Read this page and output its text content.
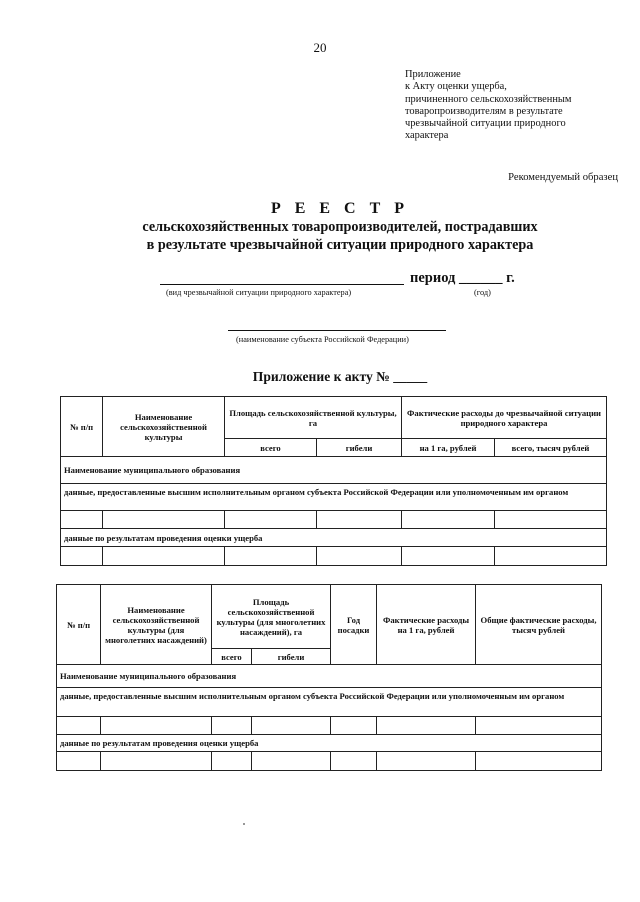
20
Приложение
к Акту оценки ущерба,
причиненного сельскохозяйственным
товаропроизводителям в результате
чрезвычайной ситуации природного
характера
Рекомендуемый образец
Р Е Е С Т Р
сельскохозяйственных товаропроизводителей, пострадавших
в результате чрезвычайной ситуации природного характера
период ______ г.
(вид чрезвычайной ситуации природного характера)	(год)
(наименование субъекта Российской Федерации)
Приложение к акту № _____
№ п/п	Наименование сельскохозяйственной культуры	Площадь сельскохозяйственной культуры, га		Фактические расходы до чрезвычайной ситуации природного характера	
		всего	гибели	на 1 га, рублей	всего, тысяч рублей
Наименование муниципального образования					
данные, предоставленные высшим исполнительным органом субъекта Российской Федерации или уполномоченным им органом					

данные по результатам проведения оценки ущерба					

№ п/п	Наименование сельскохозяйственной культуры (для многолетних насаждений)	Площадь сельскохозяйственной культуры (для многолетних насаждений), га		Год посадки	Фактические расходы на 1 га, рублей	Общие фактические расходы, тысяч рублей
		всего	гибели			
Наименование муниципального образования						
данные, предоставленные высшим исполнительным органом субъекта Российской Федерации или уполномоченным им органом						

данные по результатам проведения оценки ущерба						
